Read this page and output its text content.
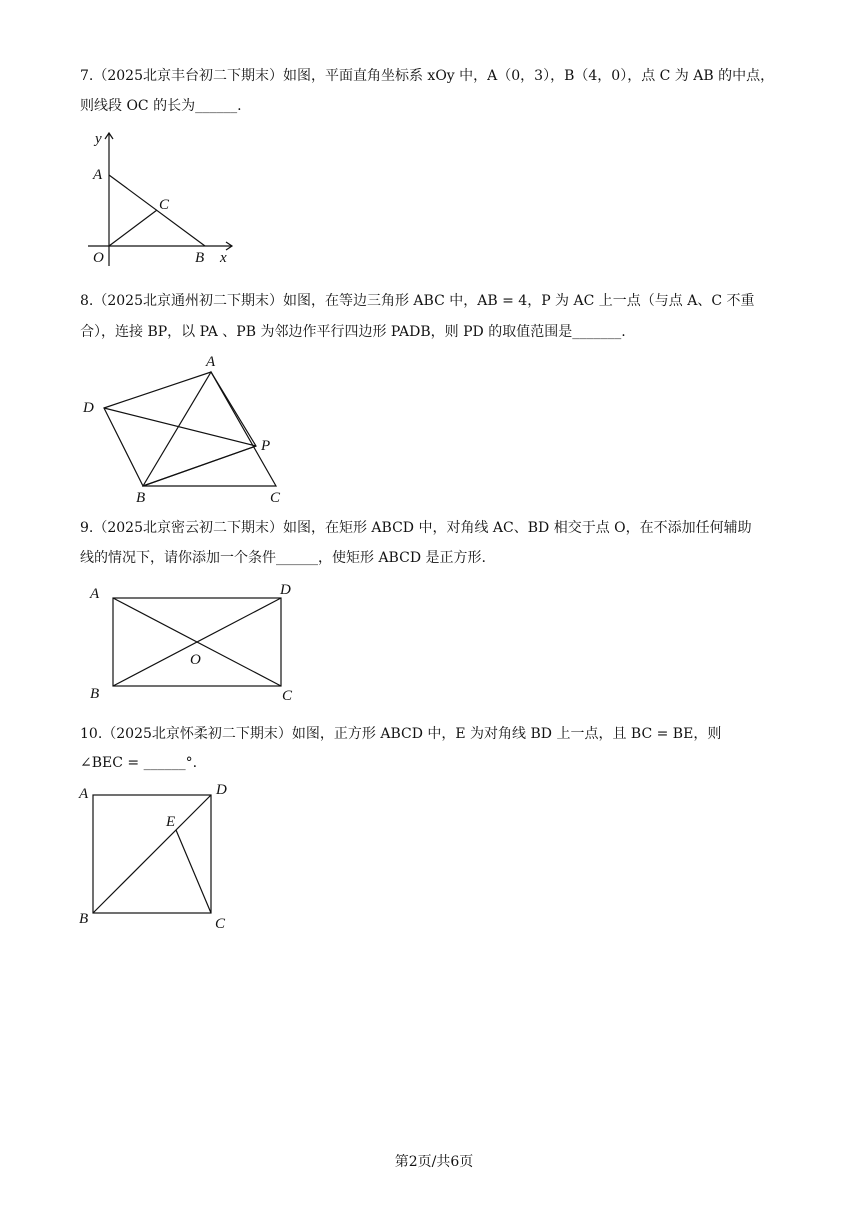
7.（2025北京丰台初二下期末）如图，平面直角坐标系 xOy 中，A（0，3），B（4，0），点 C 为 AB 的中点，
则线段 OC 的长为______.
y
A
C
O	B x
8.（2025北京通州初二下期末）如图，在等边三角形 ABC 中，AB = 4，P 为 AC 上一点（与点 A、C 不重
合），连接 BP，以 PA 、PB 为邻边作平行四边形 PADB，则 PD 的取值范围是_______.
A
D
P
B	C
9.（2025北京密云初二下期末）如图，在矩形 ABCD 中，对角线 AC、BD 相交于点 O，在不添加任何辅助
线的情况下，请你添加一个条件______，使矩形 ABCD 是正方形.
A	D
O
B	C
10.（2025北京怀柔初二下期末）如图，正方形 ABCD 中，E 为对角线 BD 上一点，且 BC = BE，则
∠BEC = ______°.
A	D
E
B	C
第2页/共6页
